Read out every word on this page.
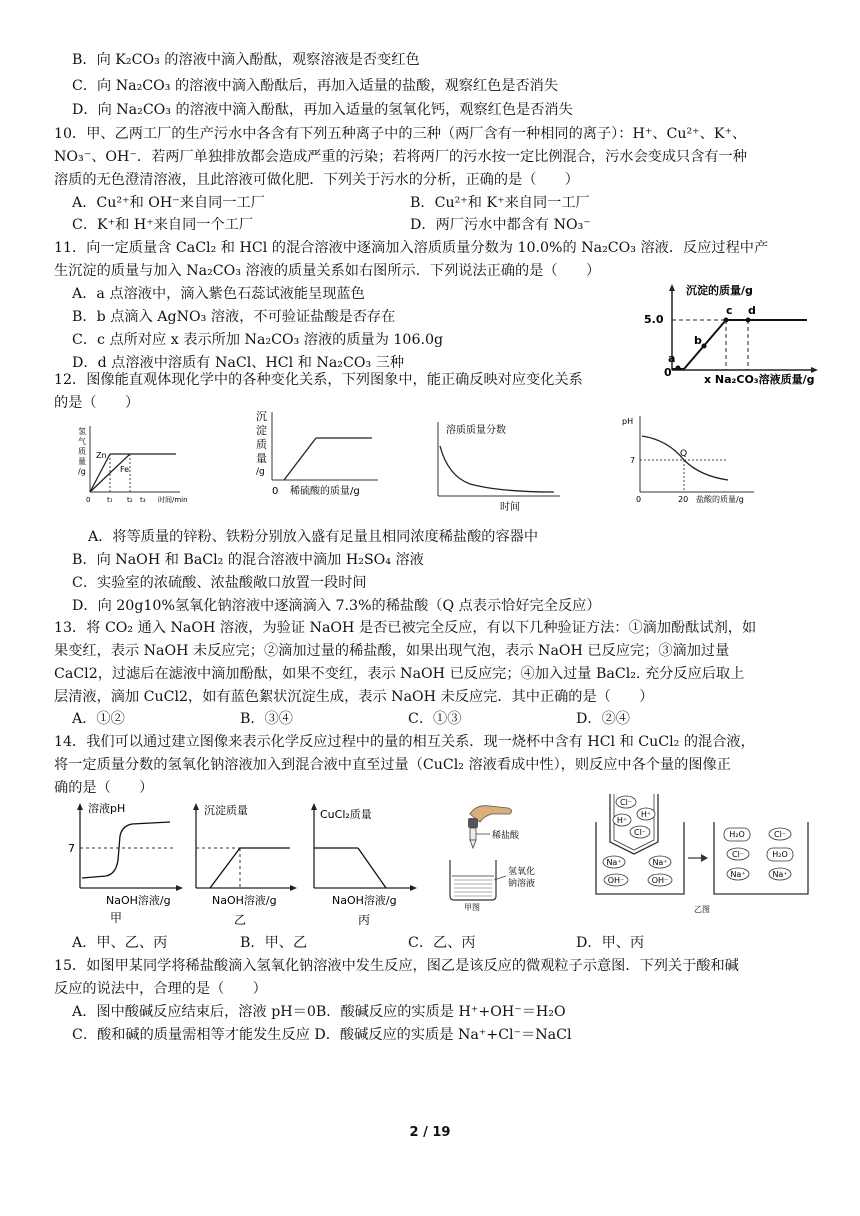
B．向 K₂CO₃ 的溶液中滴入酚酞，观察溶液是否变红色
C．向 Na₂CO₃ 的溶液中滴入酚酞后，再加入适量的盐酸，观察红色是否消失
D．向 Na₂CO₃ 的溶液中滴入酚酞，再加入适量的氢氧化钙，观察红色是否消失
10．甲、乙两工厂的生产污水中各含有下列五种离子中的三种（两厂含有一种相同的离子）：H⁺、Cu²⁺、K⁺、
NO₃⁻、OH⁻．若两厂单独排放都会造成严重的污染；若将两厂的污水按一定比例混合，污水会变成只含有一种
溶质的无色澄清溶液，且此溶液可做化肥．下列关于污水的分析，正确的是（　　）
A．Cu²⁺和 OH⁻来自同一工厂	B．Cu²⁺和 K⁺来自同一工厂
C．K⁺和 H⁺来自同一个工厂	D．两厂污水中都含有 NO₃⁻
11．向一定质量含 CaCl₂ 和 HCl 的混合溶液中逐滴加入溶质质量分数为 10.0%的 Na₂CO₃ 溶液．反应过程中产
生沉淀的质量与加入 Na₂CO₃ 溶液的质量关系如右图所示．下列说法正确的是（　　）
A．a 点溶液中，滴入紫色石蕊试液能呈现蓝色
B．b 点滴入 AgNO₃ 溶液，不可验证盐酸是否存在
C．c 点所对应 x 表示所加 Na₂CO₃ 溶液的质量为 106.0g
D．d 点溶液中溶质有 NaCl、HCl 和 Na₂CO₃ 三种
沉淀的质量/g
5.0
0
a
b
c d
x Na₂CO₃溶液质量/g
12．图像能直观体现化学中的各种变化关系，下列图象中，能正确反映对应变化关系
的是（　　）
氢
气
质
量
/g
Zn
Fe
0 t₁ t₂ t₃ 时间/min
沉
淀
质
量
/g
0 稀硫酸的质量/g
溶质质量分数
时间
pH
7
Q
0	20 盐酸的质量/g
A．将等质量的锌粉、铁粉分别放入盛有足量且相同浓度稀盐酸的容器中
B．向 NaOH 和 BaCl₂ 的混合溶液中滴加 H₂SO₄ 溶液
C．实验室的浓硫酸、浓盐酸敞口放置一段时间
D．向 20g10%氢氧化钠溶液中逐滴滴入 7.3%的稀盐酸（Q 点表示恰好完全反应）
13．将 CO₂ 通入 NaOH 溶液，为验证 NaOH 是否已被完全反应，有以下几种验证方法：①滴加酚酞试剂，如
果变红，表示 NaOH 未反应完；②滴加过量的稀盐酸，如果出现气泡，表示 NaOH 已反应完；③滴加过量
CaCl2，过滤后在滤液中滴加酚酞，如果不变红，表示 NaOH 已反应完；④加入过量 BaCl₂. 充分反应后取上
层清液，滴加 CuCl2，如有蓝色絮状沉淀生成，表示 NaOH 未反应完．其中正确的是（　　）
A．①②	B．③④	C．①③	D．②④
14．我们可以通过建立图像来表示化学反应过程中的量的相互关系．现一烧杯中含有 HCl 和 CuCl₂ 的混合液，
将一定质量分数的氢氧化钠溶液加入到混合液中直至过量（CuCl₂ 溶液看成中性），则反应中各个量的图像正
确的是（　　）
溶液pH
7
NaOH溶液/g
甲
沉淀质量
NaOH溶液/g
乙
CuCl₂质量
NaOH溶液/g
丙
稀盐酸
氢氧化
钠溶液
甲图
Cl⁻
H⁺
H⁺
Cl⁻
Na⁺	Na⁺
OH⁻	OH⁻
H₂O	Cl⁻
Cl⁻	H₂O
Na⁺	Na⁺
乙图
A．甲、乙、丙	B．甲、乙	C．乙、丙	D．甲、丙
15．如图甲某同学将稀盐酸滴入氢氧化钠溶液中发生反应，图乙是该反应的微观粒子示意图．下列关于酸和碱
反应的说法中，合理的是（　　）
A．图中酸碱反应结束后，溶液 pH＝0B．酸碱反应的实质是 H⁺+OH⁻＝H₂O
C．酸和碱的质量需相等才能发生反应 D．酸碱反应的实质是 Na⁺+Cl⁻＝NaCl
2 / 19
